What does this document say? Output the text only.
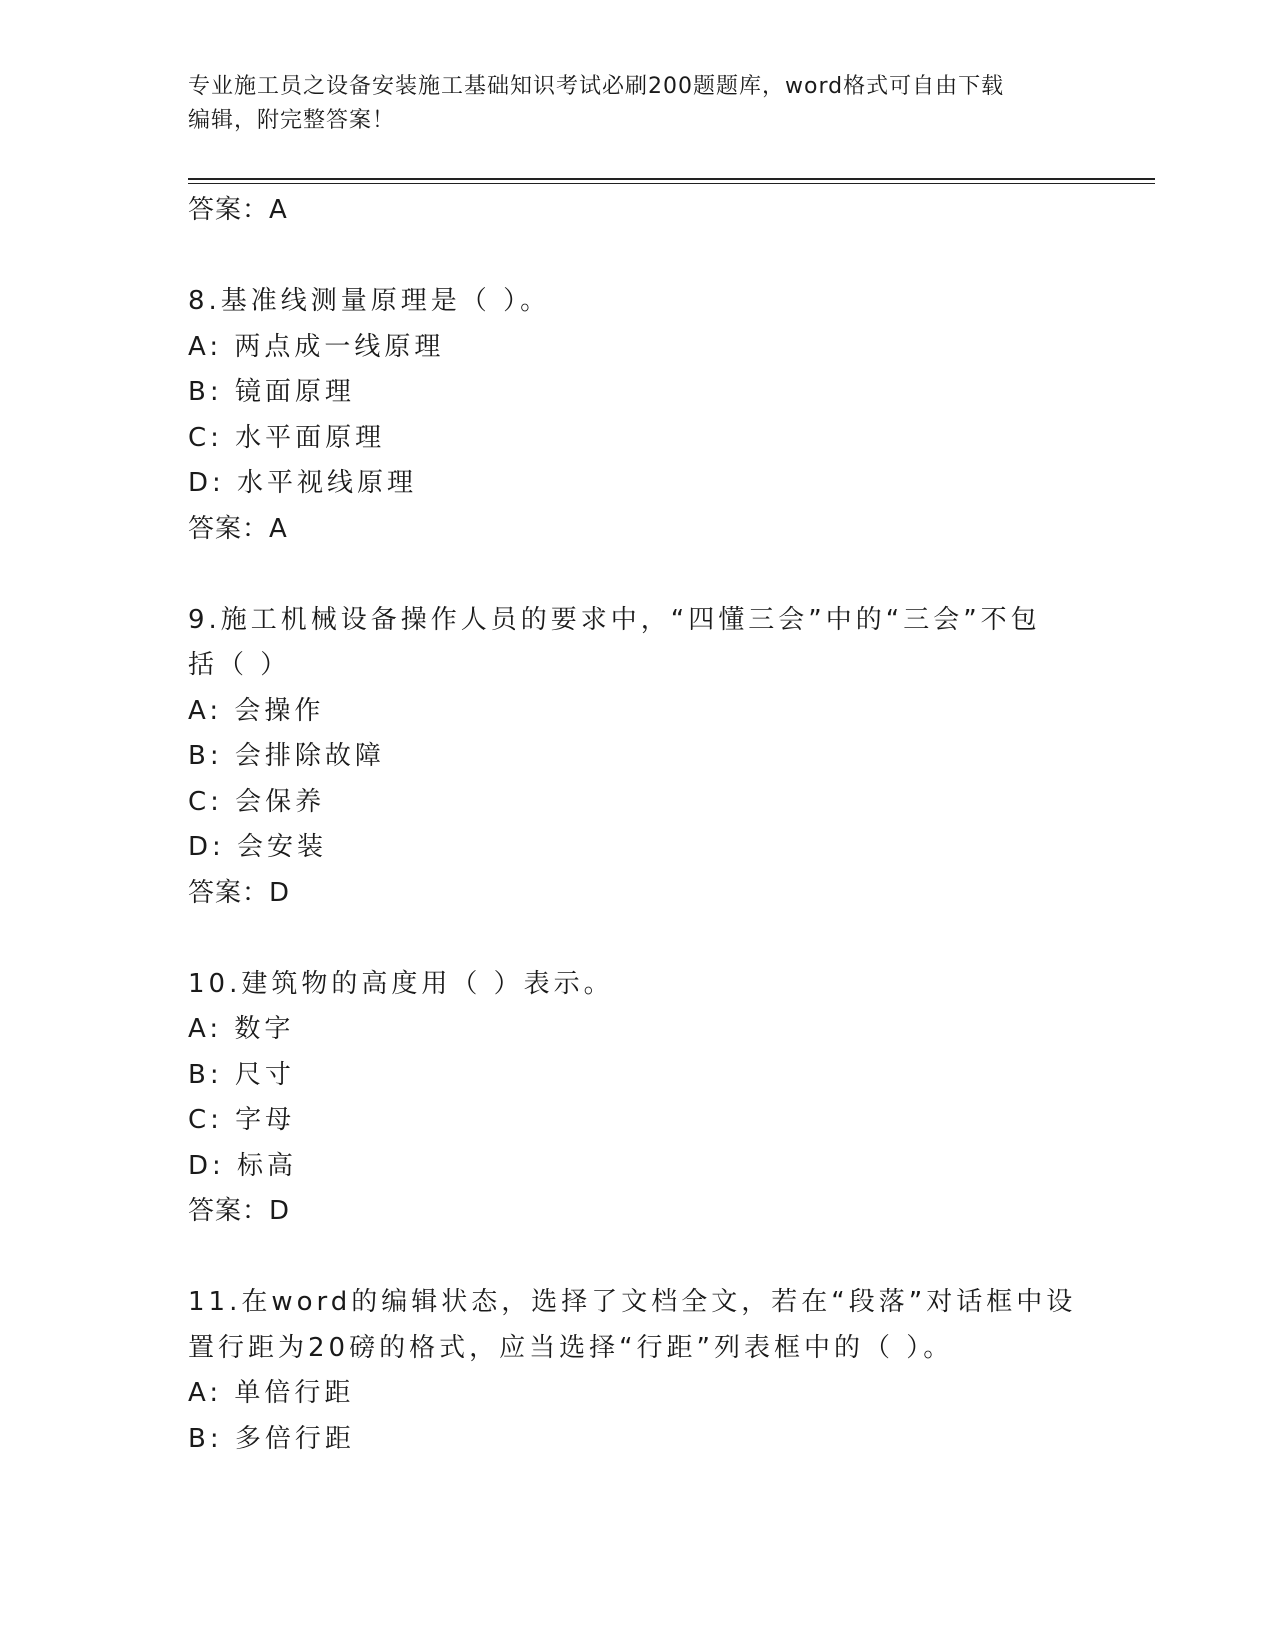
专业施工员之设备安装施工基础知识考试必刷200题题库，word格式可自由下载
编辑，附完整答案！
答案：A
8.基准线测量原理是（ ）。
A: 两点成一线原理
B: 镜面原理
C: 水平面原理
D: 水平视线原理
答案：A
9.施工机械设备操作人员的要求中，“四懂三会”中的“三会”不包
括（ ）
A: 会操作
B: 会排除故障
C: 会保养
D: 会安装
答案：D
10.建筑物的高度用（ ）表示。
A: 数字
B: 尺寸
C: 字母
D: 标高
答案：D
11.在word的编辑状态，选择了文档全文，若在“段落”对话框中设
置行距为20磅的格式，应当选择“行距”列表框中的（ ）。
A: 单倍行距
B: 多倍行距
